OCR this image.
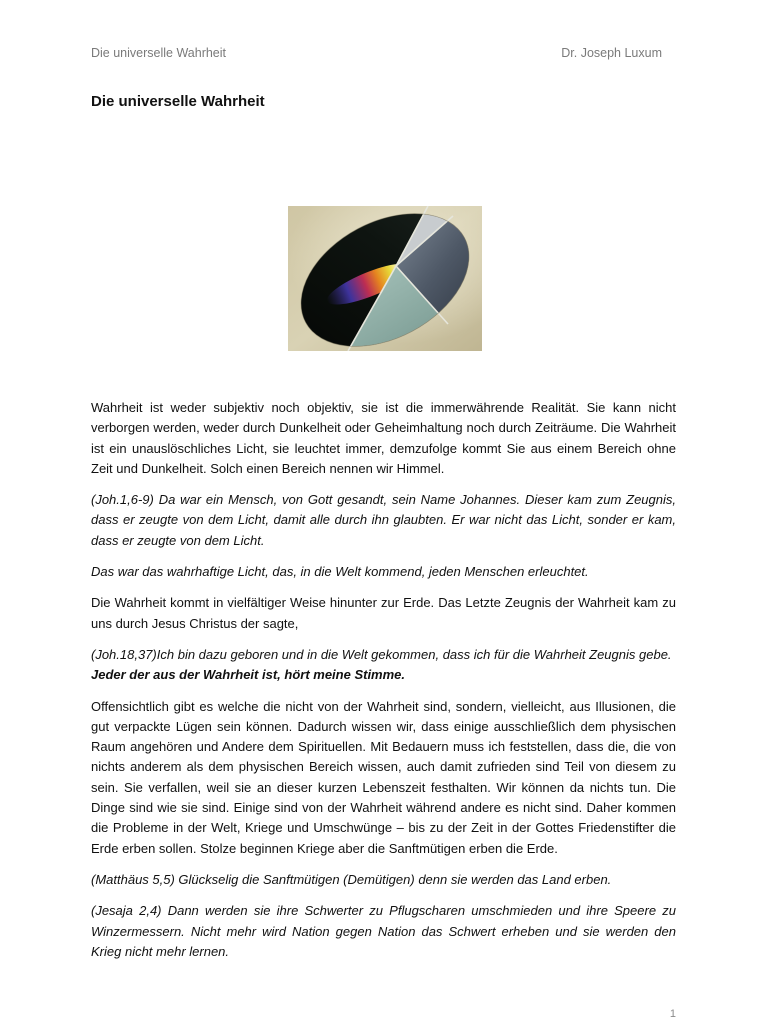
Die universelle Wahrheit	Dr. Joseph Luxum
Die universelle Wahrheit

Wahrheit ist weder subjektiv noch objektiv, sie ist die immerwährende Realität. Sie kann nicht verborgen werden, weder durch Dunkelheit oder Geheimhaltung noch durch Zeiträume. Die Wahrheit ist ein unauslöschliches Licht, sie leuchtet immer, demzufolge kommt Sie aus einem Bereich ohne Zeit und Dunkelheit. Solch einen Bereich nennen wir Himmel.

(Joh.1,6-9) Da war ein Mensch, von Gott gesandt, sein Name Johannes. Dieser kam zum Zeugnis, dass er zeugte von dem Licht, damit alle durch ihn glaubten. Er war nicht das Licht, sonder er kam, dass er zeugte von dem Licht.

Das war das wahrhaftige Licht, das, in die Welt kommend, jeden Menschen erleuchtet.

Die Wahrheit kommt in vielfältiger Weise hinunter zur Erde. Das Letzte Zeugnis der Wahrheit kam zu uns durch Jesus Christus der sagte,

(Joh.18,37)Ich bin dazu geboren und in die Welt gekommen, dass ich für die Wahrheit Zeugnis gebe.
Jeder der aus der Wahrheit ist, hört meine Stimme.

Offensichtlich gibt es welche die nicht von der Wahrheit sind, sondern, vielleicht, aus Illusionen, die gut verpackte Lügen sein können. Dadurch wissen wir, dass einige ausschließlich dem physischen Raum angehören und Andere dem Spirituellen. Mit Bedauern muss ich feststellen, dass die, die von nichts anderem als dem physischen Bereich wissen, auch damit zufrieden sind Teil von diesem zu sein. Sie verfallen, weil sie an dieser kurzen Lebenszeit festhalten. Wir können da nichts tun. Die Dinge sind wie sie sind. Einige sind von der Wahrheit während andere es nicht sind. Daher kommen die Probleme in der Welt, Kriege und Umschwünge – bis zu der Zeit in der Gottes Friedenstifter die Erde erben sollen. Stolze beginnen Kriege aber die Sanftmütigen erben die Erde.

(Matthäus 5,5) Glückselig die Sanftmütigen (Demütigen) denn sie werden das Land erben.

(Jesaja 2,4) Dann werden sie ihre Schwerter zu Pflugscharen umschmieden und ihre Speere zu Winzermessern. Nicht mehr wird Nation gegen Nation das Schwert erheben und sie werden den Krieg nicht mehr lernen.

1
